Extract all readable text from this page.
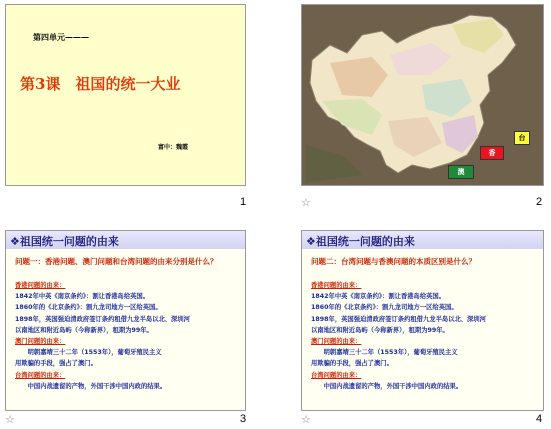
第四单元———
第3课　祖国的统一大业
富中：魏霞
1
香
台
澳
☆	2
❖祖国统一问题的由来
问题一：香港问题、澳门问题和台湾问题的由来分别是什么？
香港问题的由来：
1842年中英《南京条约》：割让香港岛给英国。
1860年的《北京条约》：割九龙司地方一区给英国。
1898年，英国强迫清政府签订条约租借九龙半岛以北、深圳河
以南地区和附近岛屿（今称新界），租期为99年。
澳门问题的由来：
　　明朝嘉靖三十二年（1553年），葡萄牙殖民主义
用欺骗的手段，强占了澳门。
台湾问题的由来：
　　中国内战遗留的产物，外国干涉中国内政的结果。
☆	3
❖祖国统一问题的由来
问题二：台湾问题与香澳问题的本质区别是什么？
香港问题的由来：
1842年中英《南京条约》：割让香港岛给英国。
1860年的《北京条约》：割九龙司地方一区给英国。
1898年，英国强迫清政府签订条约租借九龙半岛以北、深圳河
以南地区和附近岛屿（今称新界），租期为99年。
澳门问题的由来：
　　明朝嘉靖三十二年（1553年），葡萄牙殖民主义
用欺骗的手段，强占了澳门。
台湾问题的由来：
　　中国内战遗留的产物，外国干涉中国内政的结果。
☆	4
